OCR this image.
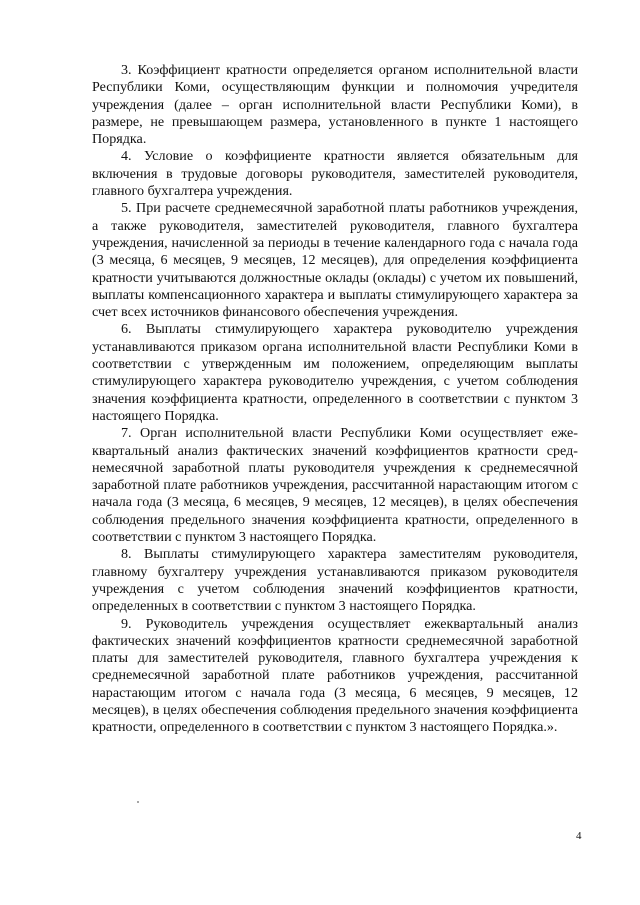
3. Коэффициент кратности определяется органом исполнительной власти Республики Коми, осуществляющим функции и полномочия учредителя учреждения (далее – орган исполнительной власти Республики Коми), в размере, не превышающем размера, установленного в пункте 1 настоящего Порядка.

4. Условие о коэффициенте кратности является обязательным для включения в трудовые договоры руководителя, заместителей руководителя, главного бухгалтера учреждения.

5. При расчете среднемесячной заработной платы работников учреждения, а также руководителя, заместителей руководителя, главного бухгалтера учреждения, начисленной за периоды в течение календарного года с начала года (3 месяца, 6 месяцев, 9 месяцев, 12 месяцев), для определения коэффициента кратности учитываются должностные оклады (оклады) с учетом их повышений, выплаты компенсационного характера и выплаты стимулирующего характера за счет всех источников финансового обеспечения учреждения.

6. Выплаты стимулирующего характера руководителю учреждения устанавливаются приказом органа исполнительной власти Республики Коми в соответствии с утвержденным им положением, определяющим выплаты стимулирующего характера руководителю учреждения, с учетом соблюдения значения коэффициента кратности, определенного в соответствии с пунктом 3 настоящего Порядка.

7. Орган исполнительной власти Республики Коми осуществляет ежеквартальный анализ фактических значений коэффициентов кратности среднемесячной заработной платы руководителя учреждения к среднемесячной заработной плате работников учреждения, рассчитанной нарастающим итогом с начала года (3 месяца, 6 месяцев, 9 месяцев, 12 месяцев), в целях обеспечения соблюдения предельного значения коэффициента кратности, определенного в соответствии с пунктом 3 настоящего Порядка.

8. Выплаты стимулирующего характера заместителям руководителя, главному бухгалтеру учреждения устанавливаются приказом руководителя учреждения с учетом соблюдения значений коэффициентов кратности, определенных в соответствии с пунктом 3 настоящего Порядка.

9. Руководитель учреждения осуществляет ежеквартальный анализ фактических значений коэффициентов кратности среднемесячной заработной платы для заместителей руководителя, главного бухгалтера учреждения к среднемесячной заработной плате работников учреждения, рассчитанной нарастающим итогом с начала года (3 месяца, 6 месяцев, 9 месяцев, 12 месяцев), в целях обеспечения соблюдения предельного значения коэффициента кратности, определенного в соответствии с пунктом 3 настоящего Порядка.».

4
